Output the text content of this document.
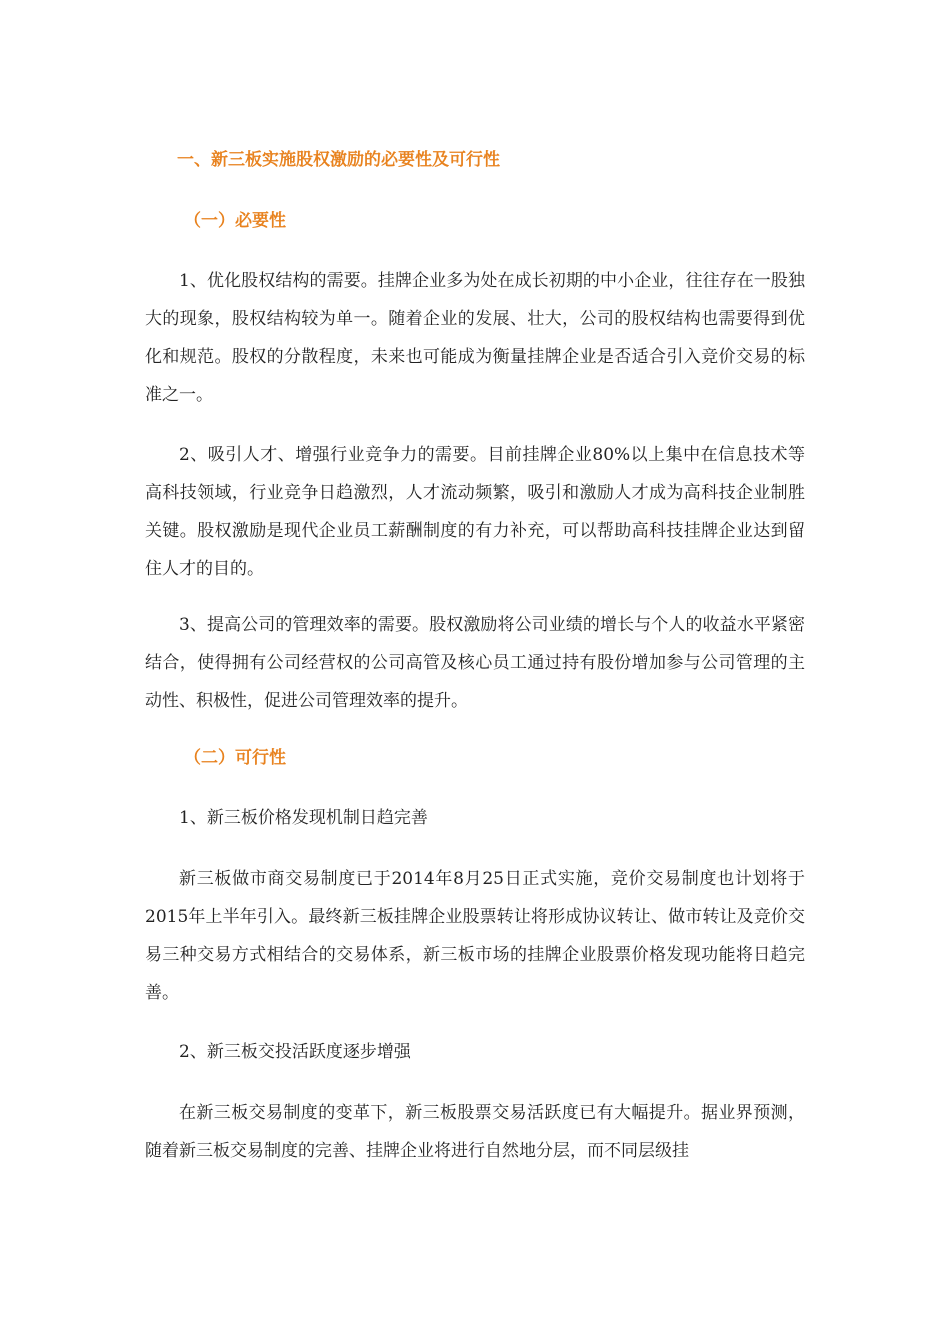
一、新三板实施股权激励的必要性及可行性
（一）必要性
1、优化股权结构的需要。挂牌企业多为处在成长初期的中小企业，往往存在一股独大的现象，股权结构较为单一。随着企业的发展、壮大，公司的股权结构也需要得到优化和规范。股权的分散程度，未来也可能成为衡量挂牌企业是否适合引入竞价交易的标准之一。
2、吸引人才、增强行业竞争力的需要。目前挂牌企业80%以上集中在信息技术等高科技领域，行业竞争日趋激烈，人才流动频繁，吸引和激励人才成为高科技企业制胜关键。股权激励是现代企业员工薪酬制度的有力补充，可以帮助高科技挂牌企业达到留住人才的目的。
3、提高公司的管理效率的需要。股权激励将公司业绩的增长与个人的收益水平紧密结合，使得拥有公司经营权的公司高管及核心员工通过持有股份增加参与公司管理的主动性、积极性，促进公司管理效率的提升。
（二）可行性
1、新三板价格发现机制日趋完善
新三板做市商交易制度已于2014年8月25日正式实施，竞价交易制度也计划将于2015年上半年引入。最终新三板挂牌企业股票转让将形成协议转让、做市转让及竞价交易三种交易方式相结合的交易体系，新三板市场的挂牌企业股票价格发现功能将日趋完善。
2、新三板交投活跃度逐步增强
在新三板交易制度的变革下，新三板股票交易活跃度已有大幅提升。据业界预测，随着新三板交易制度的完善、挂牌企业将进行自然地分层，而不同层级挂
